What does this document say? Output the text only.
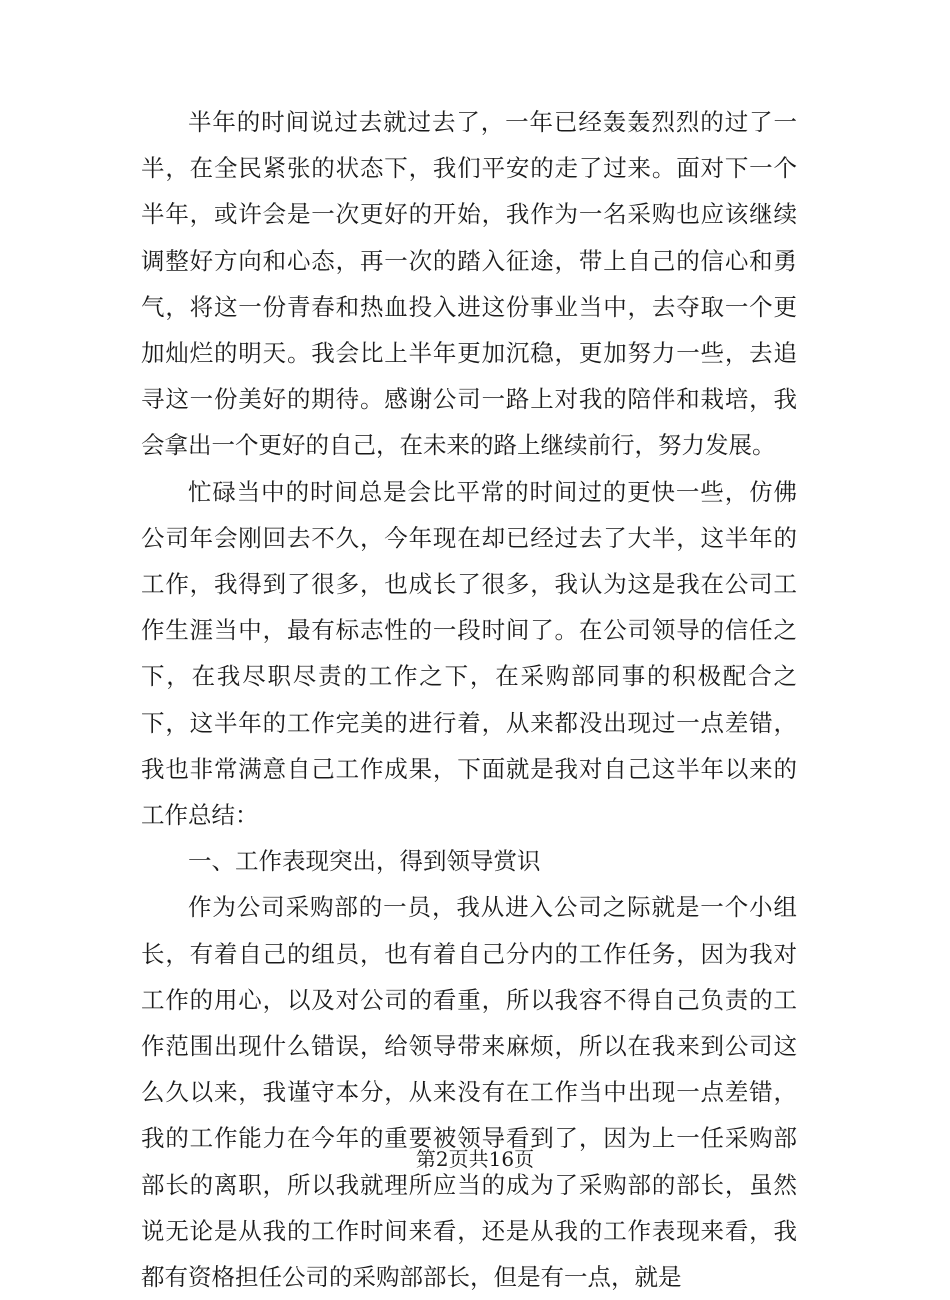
半年的时间说过去就过去了，一年已经轰轰烈烈的过了一半，在全民紧张的状态下，我们平安的走了过来。面对下一个半年，或许会是一次更好的开始，我作为一名采购也应该继续调整好方向和心态，再一次的踏入征途，带上自己的信心和勇气，将这一份青春和热血投入进这份事业当中，去夺取一个更加灿烂的明天。我会比上半年更加沉稳，更加努力一些，去追寻这一份美好的期待。感谢公司一路上对我的陪伴和栽培，我会拿出一个更好的自己，在未来的路上继续前行，努力发展。

忙碌当中的时间总是会比平常的时间过的更快一些，仿佛公司年会刚回去不久，今年现在却已经过去了大半，这半年的工作，我得到了很多，也成长了很多，我认为这是我在公司工作生涯当中，最有标志性的一段时间了。在公司领导的信任之下，在我尽职尽责的工作之下，在采购部同事的积极配合之下，这半年的工作完美的进行着，从来都没出现过一点差错，我也非常满意自己工作成果，下面就是我对自己这半年以来的工作总结：

一、工作表现突出，得到领导赏识

作为公司采购部的一员，我从进入公司之际就是一个小组长，有着自己的组员，也有着自己分内的工作任务，因为我对工作的用心，以及对公司的看重，所以我容不得自己负责的工作范围出现什么错误，给领导带来麻烦，所以在我来到公司这么久以来，我谨守本分，从来没有在工作当中出现一点差错，我的工作能力在今年的重要被领导看到了，因为上一任采购部部长的离职，所以我就理所应当的成为了采购部的部长，虽然说无论是从我的工作时间来看，还是从我的工作表现来看，我都有资格担任公司的采购部部长，但是有一点，就是

第2页共16页
